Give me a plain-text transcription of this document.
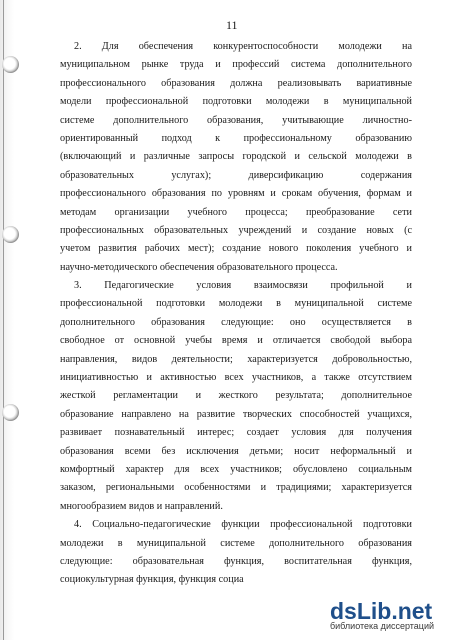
11
2. Для обеспечения конкурентоспособности молодежи на
муниципальном рынке труда и профессий система дополнительного
профессионального образования должна реализовывать вариативные
модели профессиональной подготовки молодежи в муниципальной
системе дополнительного образования, учитывающие личностно-
ориентированный подход к профессиональному образованию
(включающий и различные запросы городской и сельской молодежи в
образовательных услугах); диверсификацию содержания
профессионального образования по уровням и срокам обучения, формам и
методам организации учебного процесса; преобразование сети
профессиональных образовательных учреждений и создание новых (с
учетом развития рабочих мест); создание нового поколения учебного и
научно-методического обеспечения образовательного процесса.
3. Педагогические условия взаимосвязи профильной и
профессиональной подготовки молодежи в муниципальной системе
дополнительного образования следующие: оно осуществляется в
свободное от основной учебы время и отличается свободой выбора
направления, видов деятельности; характеризуется добровольностью,
инициативностью и активностью всех участников, а также отсутствием
жесткой регламентации и жесткого результата; дополнительное
образование направлено на развитие творческих способностей учащихся,
развивает познавательный интерес; создает условия для получения
образования всеми без исключения детьми; носит неформальный и
комфортный характер для всех участников; обусловлено социальным
заказом, региональными особенностями и традициями; характеризуется
многообразием видов и направлений.
4. Социально-педагогические функции профессиональной подготовки
молодежи в муниципальной системе дополнительного образования
следующие: образовательная функция, воспитательная функция,
социокультурная функция, функция социа
dsLib.net
библиотека диссертаций
